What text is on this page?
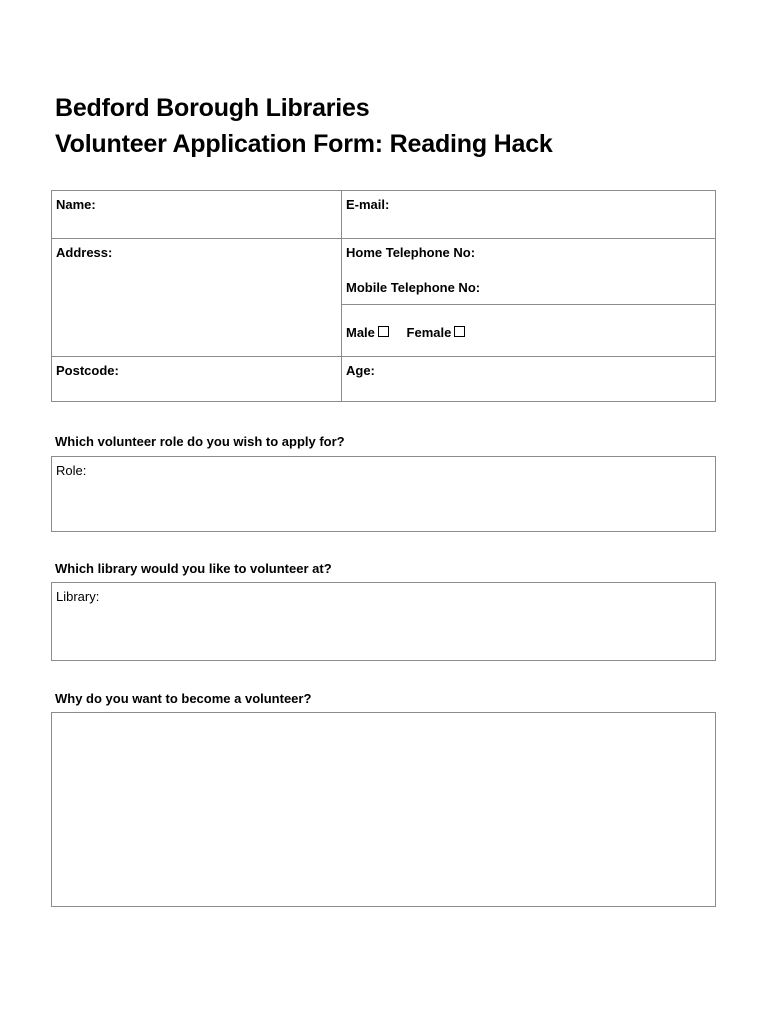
Bedford Borough Libraries
Volunteer Application Form: Reading Hack
Name:	E-mail:
Address:	Home Telephone No:
Mobile Telephone No:

	Male Female
Postcode:	Age:

Which volunteer role do you wish to apply for?

Role:

Which library would you like to volunteer at?

Library:

Why do you want to become a volunteer?
